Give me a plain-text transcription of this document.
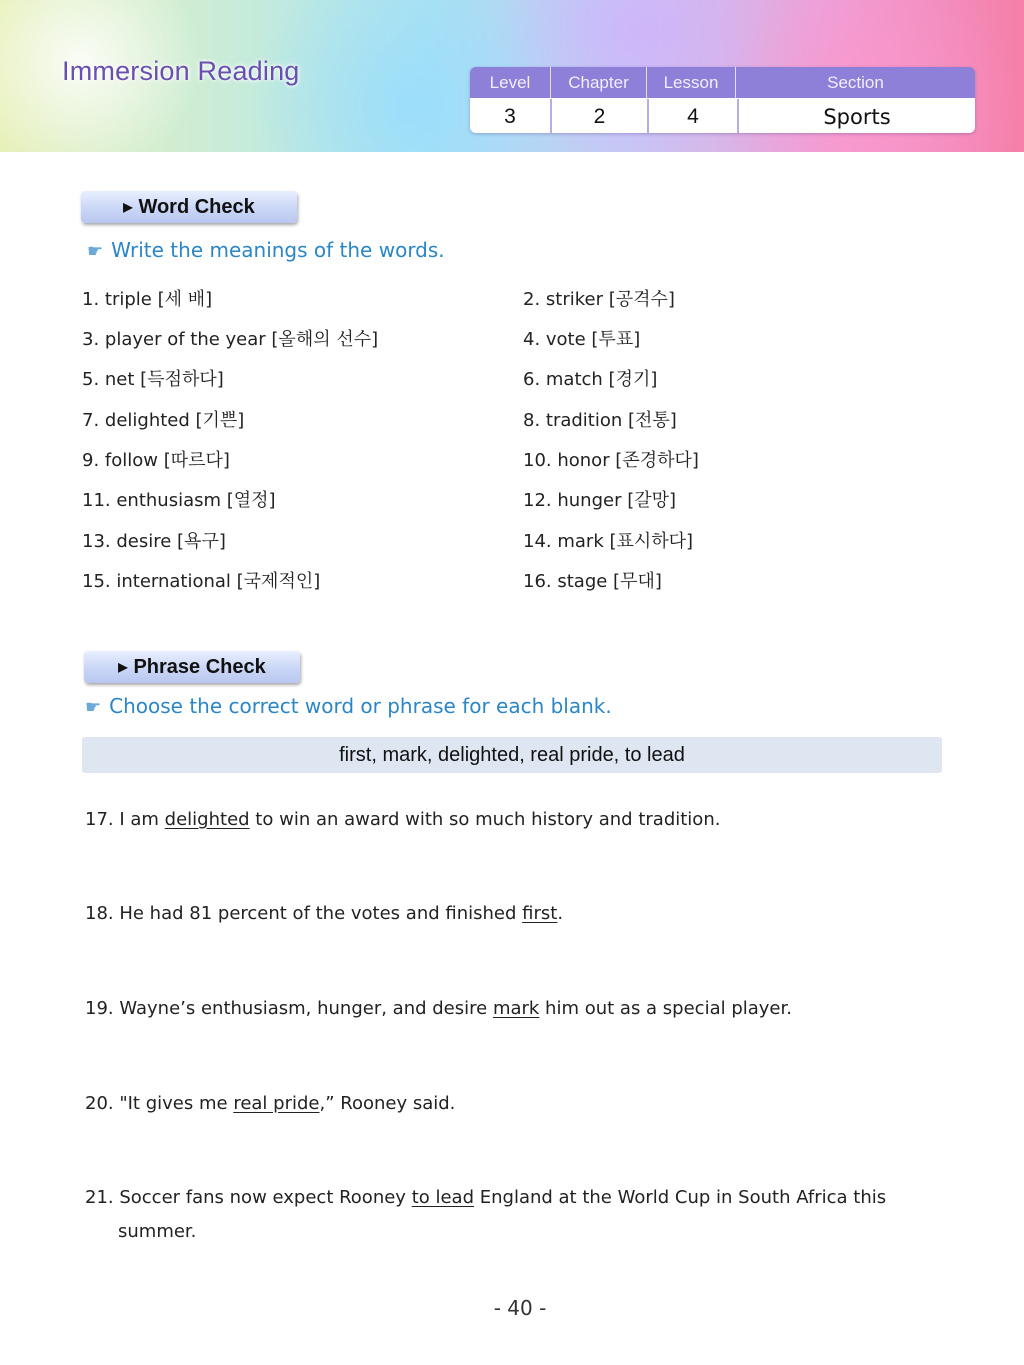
Immersion Reading	Level	Chapter	Lesson	Section
3	2	4	Sports
▶ Word Check
☛ Write the meanings of the words.
1. triple [세 배]	2. striker [공격수]
3. player of the year [올해의 선수]	4. vote [투표]
5. net [득점하다]	6. match [경기]
7. delighted [기쁜]	8. tradition [전통]
9. follow [따르다]	10. honor [존경하다]
11. enthusiasm [열정]	12. hunger [갈망]
13. desire [욕구]	14. mark [표시하다]
15. international [국제적인]	16. stage [무대]
▶ Phrase Check
☛ Choose the correct word or phrase for each blank.
first, mark, delighted, real pride, to lead
17. I am delighted to win an award with so much history and tradition.
18. He had 81 percent of the votes and finished first.
19. Wayne’s enthusiasm, hunger, and desire mark him out as a special player.
20. "It gives me real pride,” Rooney said.
21. Soccer fans now expect Rooney to lead England at the World Cup in South Africa this
summer.
- 40 -
